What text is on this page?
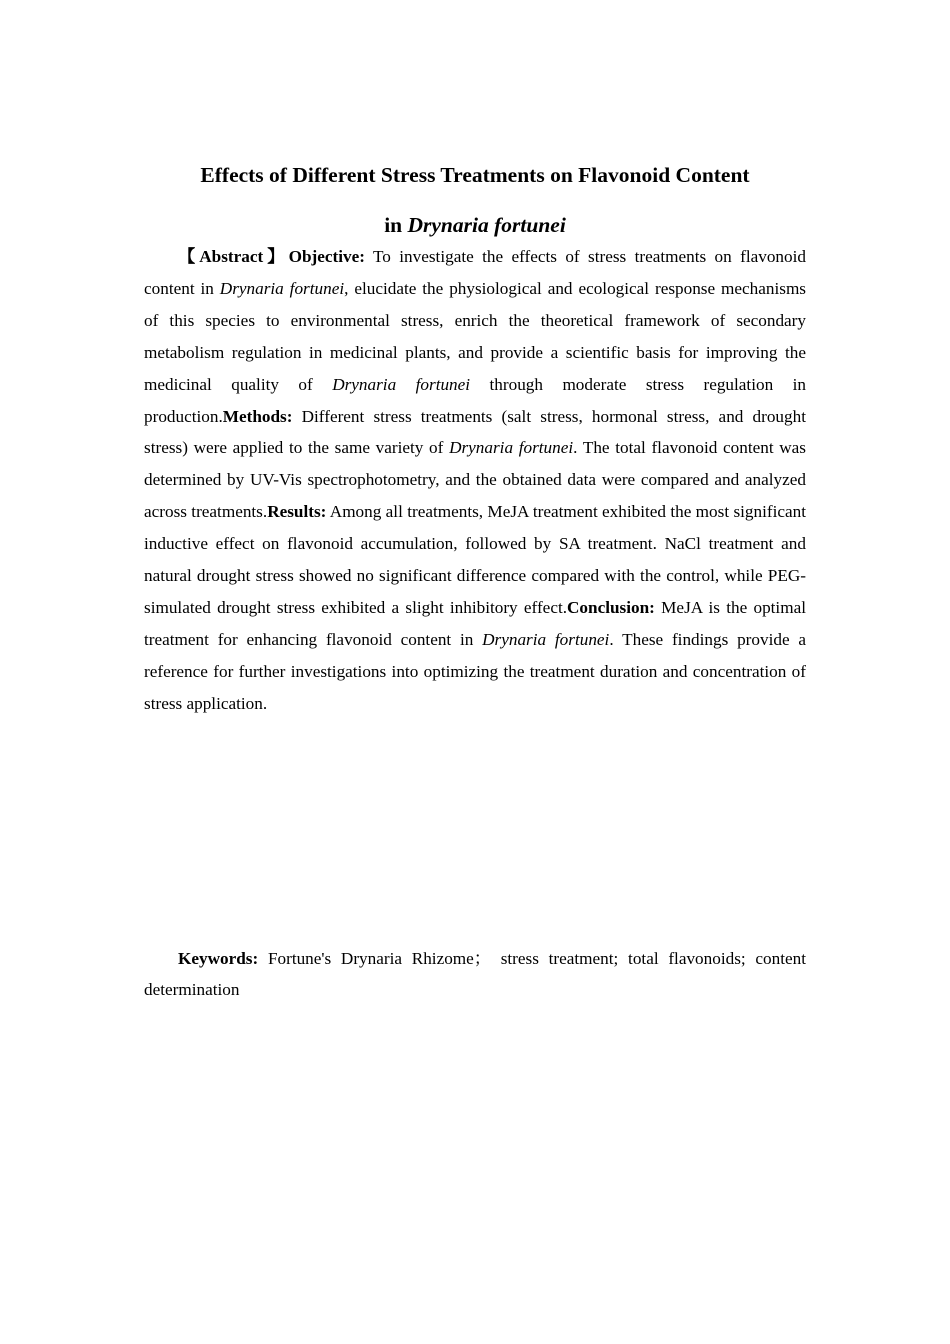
Effects of Different Stress Treatments on Flavonoid Content
in Drynaria fortunei

【Abstract】Objective: To investigate the effects of stress treatments on flavonoid content in Drynaria fortunei, elucidate the physiological and ecological response mechanisms of this species to environmental stress, enrich the theoretical framework of secondary metabolism regulation in medicinal plants, and provide a scientific basis for improving the medicinal quality of Drynaria fortunei through moderate stress regulation in production.Methods: Different stress treatments (salt stress, hormonal stress, and drought stress) were applied to the same variety of Drynaria fortunei. The total flavonoid content was determined by UV-Vis spectrophotometry, and the obtained data were compared and analyzed across treatments.Results: Among all treatments, MeJA treatment exhibited the most significant inductive effect on flavonoid accumulation, followed by SA treatment. NaCl treatment and natural drought stress showed no significant difference compared with the control, while PEG-simulated drought stress exhibited a slight inhibitory effect.Conclusion: MeJA is the optimal treatment for enhancing flavonoid content in Drynaria fortunei. These findings provide a reference for further investigations into optimizing the treatment duration and concentration of stress application.

Keywords: Fortune's Drynaria Rhizome； stress treatment; total flavonoids; content determination
